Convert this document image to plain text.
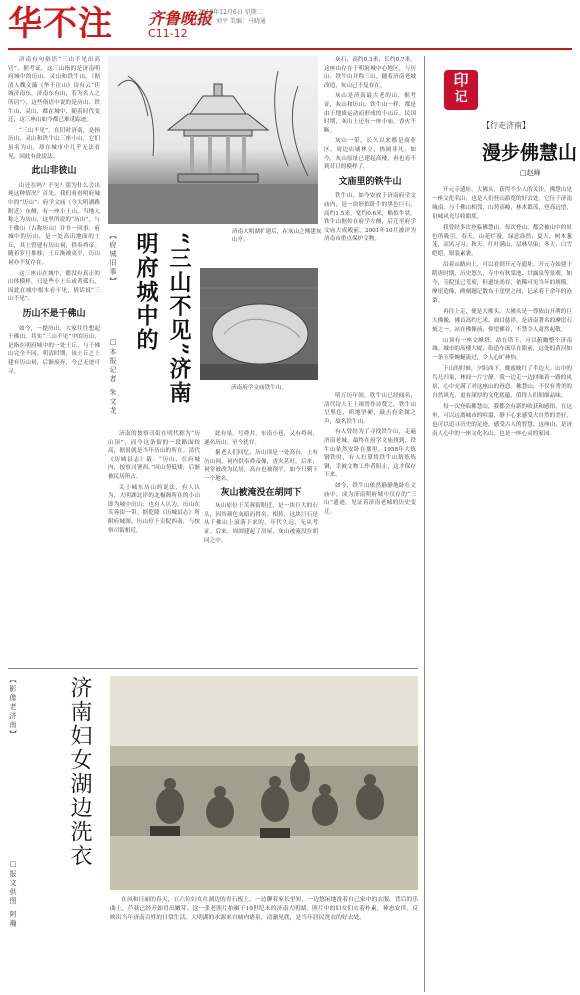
华不注 齐鲁晚报
C11-12
2016年12月6日 星期二
编辑：刘平 美编：马晓通

济南有句俗语“三山不见出高官”，据考证，这三山指的是济南明府城中的历山、灵山和铁牛山。（据清人魏文藻《华不注山》诗有云“佳城济南东，济南东有山，若为名人之所居”），这些俗语中说的是历山、铁牛山、灵山，都在城中，随着时代变迁，这三座山如今都已难觅踪迹。

“三山不见”，在旧时济南，是指历山、灵山和铁牛山三座小山，它们虽名为山，却在城市中几乎无法看见，因此有此说法。

此山非彼山

山还在吗？不见？那为什么会出现这种情况？首先，我们看看明府城中的“历山”：府学文庙（今大明湖路附近）东侧，有一座小土山，当地人称之为历山，这里所说的“历山”，与千佛山（古称历山）并非一回事。府城中的历山，是一处高出地面的土丘，其上曾建有历山祠，供奉舜帝。随着岁月推移，土丘渐被夷平，历山祠亦不复存在。

这三座山在城中，都没有真正的山体模样，只是些小土丘或者孤石，因此在城中根本看不见，俗话说“三山不见”。

历山不是千佛山

如今，一提历山，大家往往想起千佛山。其实“三山不见”中的历山，是指在明府城中的一处土丘，与千佛山完全不同。明清时期，该土丘之上建有历山祠，后渐废弃，今已无迹可寻。

济南大明湖扩建后，在灰山之侧建灰山亭。
【府城旧事】	“三山不见”济南明府城中的
□本报记者 朱文龙	济南府学文庙铁牛山。

济南的按察司街在明代称为“历山顶”，而今这条街的一段路面较高，据说就是当年历山的所在。清代《历城县志》载：“历山，在府城内，按察司署西。”因山势低矮，后渐被民居所占。

关于城东历山的说法，有人认为，大明湖北岸的北极阁所在的小山即为城中历山；也有人认为，历山在芙蓉街一带。据乾隆《历城县志》所附府城图，历山位于贡院西南，与按察司街相近。

此有泉，号舜井，东南小巷，又有舜祠，遂名历山。至今犹存。

据老人们回忆，历山顶是一处高台，上有历山祠，祠内供奉舜帝像，香火甚旺。后来，祠堂被改为民居，高台也被削平，如今只剩下一个地名。

灰山被淹没在胡同下

灰山原位于芙蓉街附近，是一块巨大的石头，因其颜色灰暗而得名。相传，这块巨石是从千佛山上滚落下来的，年代久远，无从考证。后来，周围建起了房屋，灰山被淹没在胡同之中。

灰石，高约0.3米，长约0.7米。这座山存在于明府城中心地区，与历山、铁牛山并称三山。随着济南老城改造，灰山已不复存在。

灰山是济南最古老的山，据考证，灰山和历山、铁牛山一样，都是由于地质运动而形成的小山丘。民国时期，灰山上还有一座小庙，香火不断。

灰山一带，长久以来都是商业区，周边店铺林立，热闹非凡。如今，灰山原址已建起高楼，再也看不到昔日的模样了。

文庙里的铁牛山

铁牛山，如今安放于济南府学文庙内，是一块形似卧牛的黑色巨石，高约1.5米，宽约0.6米，略似牛状。铁牛山据传在府学左侧，后迁至府学文庙大成殿前，2001年10月被评为济南市重点保护文物。

明万历年间，铁牛山已经闻名，清代诗人王士禛曾作诗赞之。铁牛山呈黑色，质地坚硬，敲击有金属之声，故名铁牛山。

有人曾经为了寻找铁牛山，走遍济南老城。最终在府学文庙找到，铁牛山依然安卧在那里。1958年大炼钢铁时，有人打算将铁牛山熔炼炼钢，幸被文物工作者阻止，这才保存下来。

如今，铁牛山依然静静地卧在文庙中，成为济南明府城中仅存的“三山”遗迹，见证着济南老城的历史变迁。

【影像老济南】	济南妇女湖边洗衣
□报文供图 阿瀚	在风和日丽的春天，五六位妇女在湖边的青石板上，一边聊着家长里短，一边悠闲地洗着自己家中的衣服。背后的乐曲上，芦荻已经开始冒出嫩芽。这一张老照片拍摄于19世纪末的济南大明湖，照片中的妇女们衣着朴素，神态安详，反映出当年济南百姓的日常生活。大明湖的水源来自城内诸泉，清澈见底，是当年居民洗衣的好去处。

印
记
【行走济南】
漫步佛慧山
□赵峰

开元寺遗址、大佛头，获得不少人的关注，佛慧山是一座文化名山，也是人们登山游览的好去处。它位于济南城南，与千佛山相邻，山势高峻，林木繁茂，登高远望，泉城风光尽收眼底。

我曾经多次登临佛慧山。每次登山，都会被山中的景色所吸引。春天，山花烂漫，绿意盎然；夏天，树木葱茏，凉风习习；秋天，红叶满山，层林尽染；冬天，白雪皑皑，银装素裹。

沿着山路向上，可以看到开元寺遗址。开元寺始建于隋唐时期，历史悠久，寺中有秋棠池、甘露泉等景观。如今，寺院虽已荒废，但遗址尚存，依稀可见当年的规模。摩崖造像、碑刻题记散布于崖壁之间，记录着千余年的沧桑。

再往上走，便是大佛头。大佛头是一尊依山开凿的巨大佛像，佛首高约七米，面目慈祥，是济南著名的摩崖石刻之一。站在佛像前，仰望佛首，不禁令人肃然起敬。

山顶有一座文峰塔，站在塔下，可以俯瞰整个济南城。城市的高楼大厦、街道车流尽在眼前，远处的黄河如一条玉带蜿蜒流过，令人心旷神怡。

下山的时候，夕阳西下，晚霞映红了半边天。山中的鸟儿归巢，林间一片宁静。我一边走一边回味着一路的风景，心中充满了对这座山的眷恋。佛慧山，不仅有秀美的自然风光，更有深厚的文化底蕴，值得人们细细品味。

每一次登临佛慧山，我都会有新的收获和感悟。在这里，可以远离城市的喧嚣，静下心来感受大自然的美好，也可以追寻历史的足迹，感受古人的智慧。这座山，是济南人心中的一座文化名山，也是一座心灵的家园。
